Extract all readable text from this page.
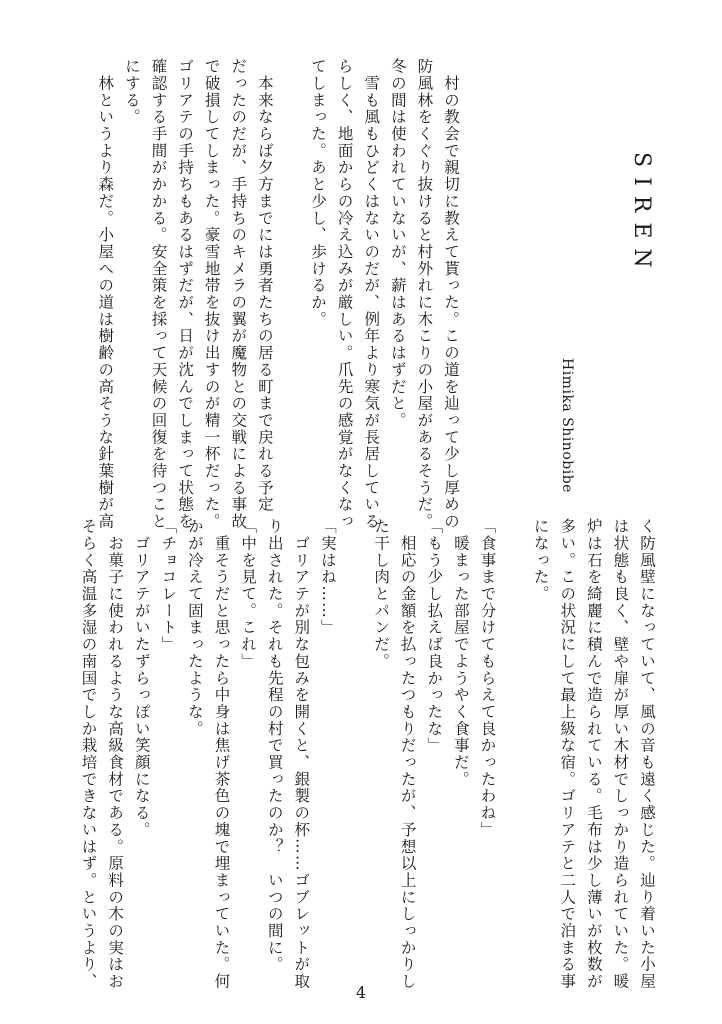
SIREN
Himika Shinobibe
　村の教会で親切に教えて貰った。この道を辿って少し厚めの
防風林をくぐり抜けると村外れに木こりの小屋があるそうだ。
冬の間は使われていないが、薪はあるはずだと。
　雪も風もひどくはないのだが、例年より寒気が長居している
らしく、地面からの冷え込みが厳しい。爪先の感覚がなくなっ
てしまった。あと少し、歩けるか。

　本来ならば夕方までには勇者たちの居る町まで戻れる予定
だったのだが、手持ちのキメラの翼が魔物との交戦による事故
で破損してしまった。豪雪地帯を抜け出すのが精一杯だった。
ゴリアテの手持ちもあるはずだが、日が沈んでしまって状態を
確認する手間がかかる。安全策を採って天候の回復を待つこと
にする。
　林というより森だ。小屋への道は樹齢の高そうな針葉樹が高
く防風壁になっていて、風の音も遠く感じた。辿り着いた小屋
は状態も良く、壁や扉が厚い木材でしっかり造られていた。暖
炉は石を綺麗に積んで造られている。毛布は少し薄いが枚数が
多い。この状況にして最上級な宿。ゴリアテと二人で泊まる事
になった。

「食事まで分けてもらえて良かったわね」
　暖まった部屋でようやく食事だ。
「もう少し払えば良かったな」
　相応の金額を払ったつもりだったが、予想以上にしっかりし
た干し肉とパンだ。

「実はね……」
　ゴリアテが別な包みを開くと、銀製の杯……ゴブレットが取
り出された。それも先程の村で買ったのか？　いつの間に。
「中を見て。これ」
　重そうだと思ったら中身は焦げ茶色の塊で埋まっていた。何
かが冷えて固まったような。
「チョコレート」
　ゴリアテがいたずらっぽい笑顔になる。
　お菓子に使われるような高級食材である。原料の木の実はお
そらく高温多湿の南国でしか栽培できないはず。というより、
4
